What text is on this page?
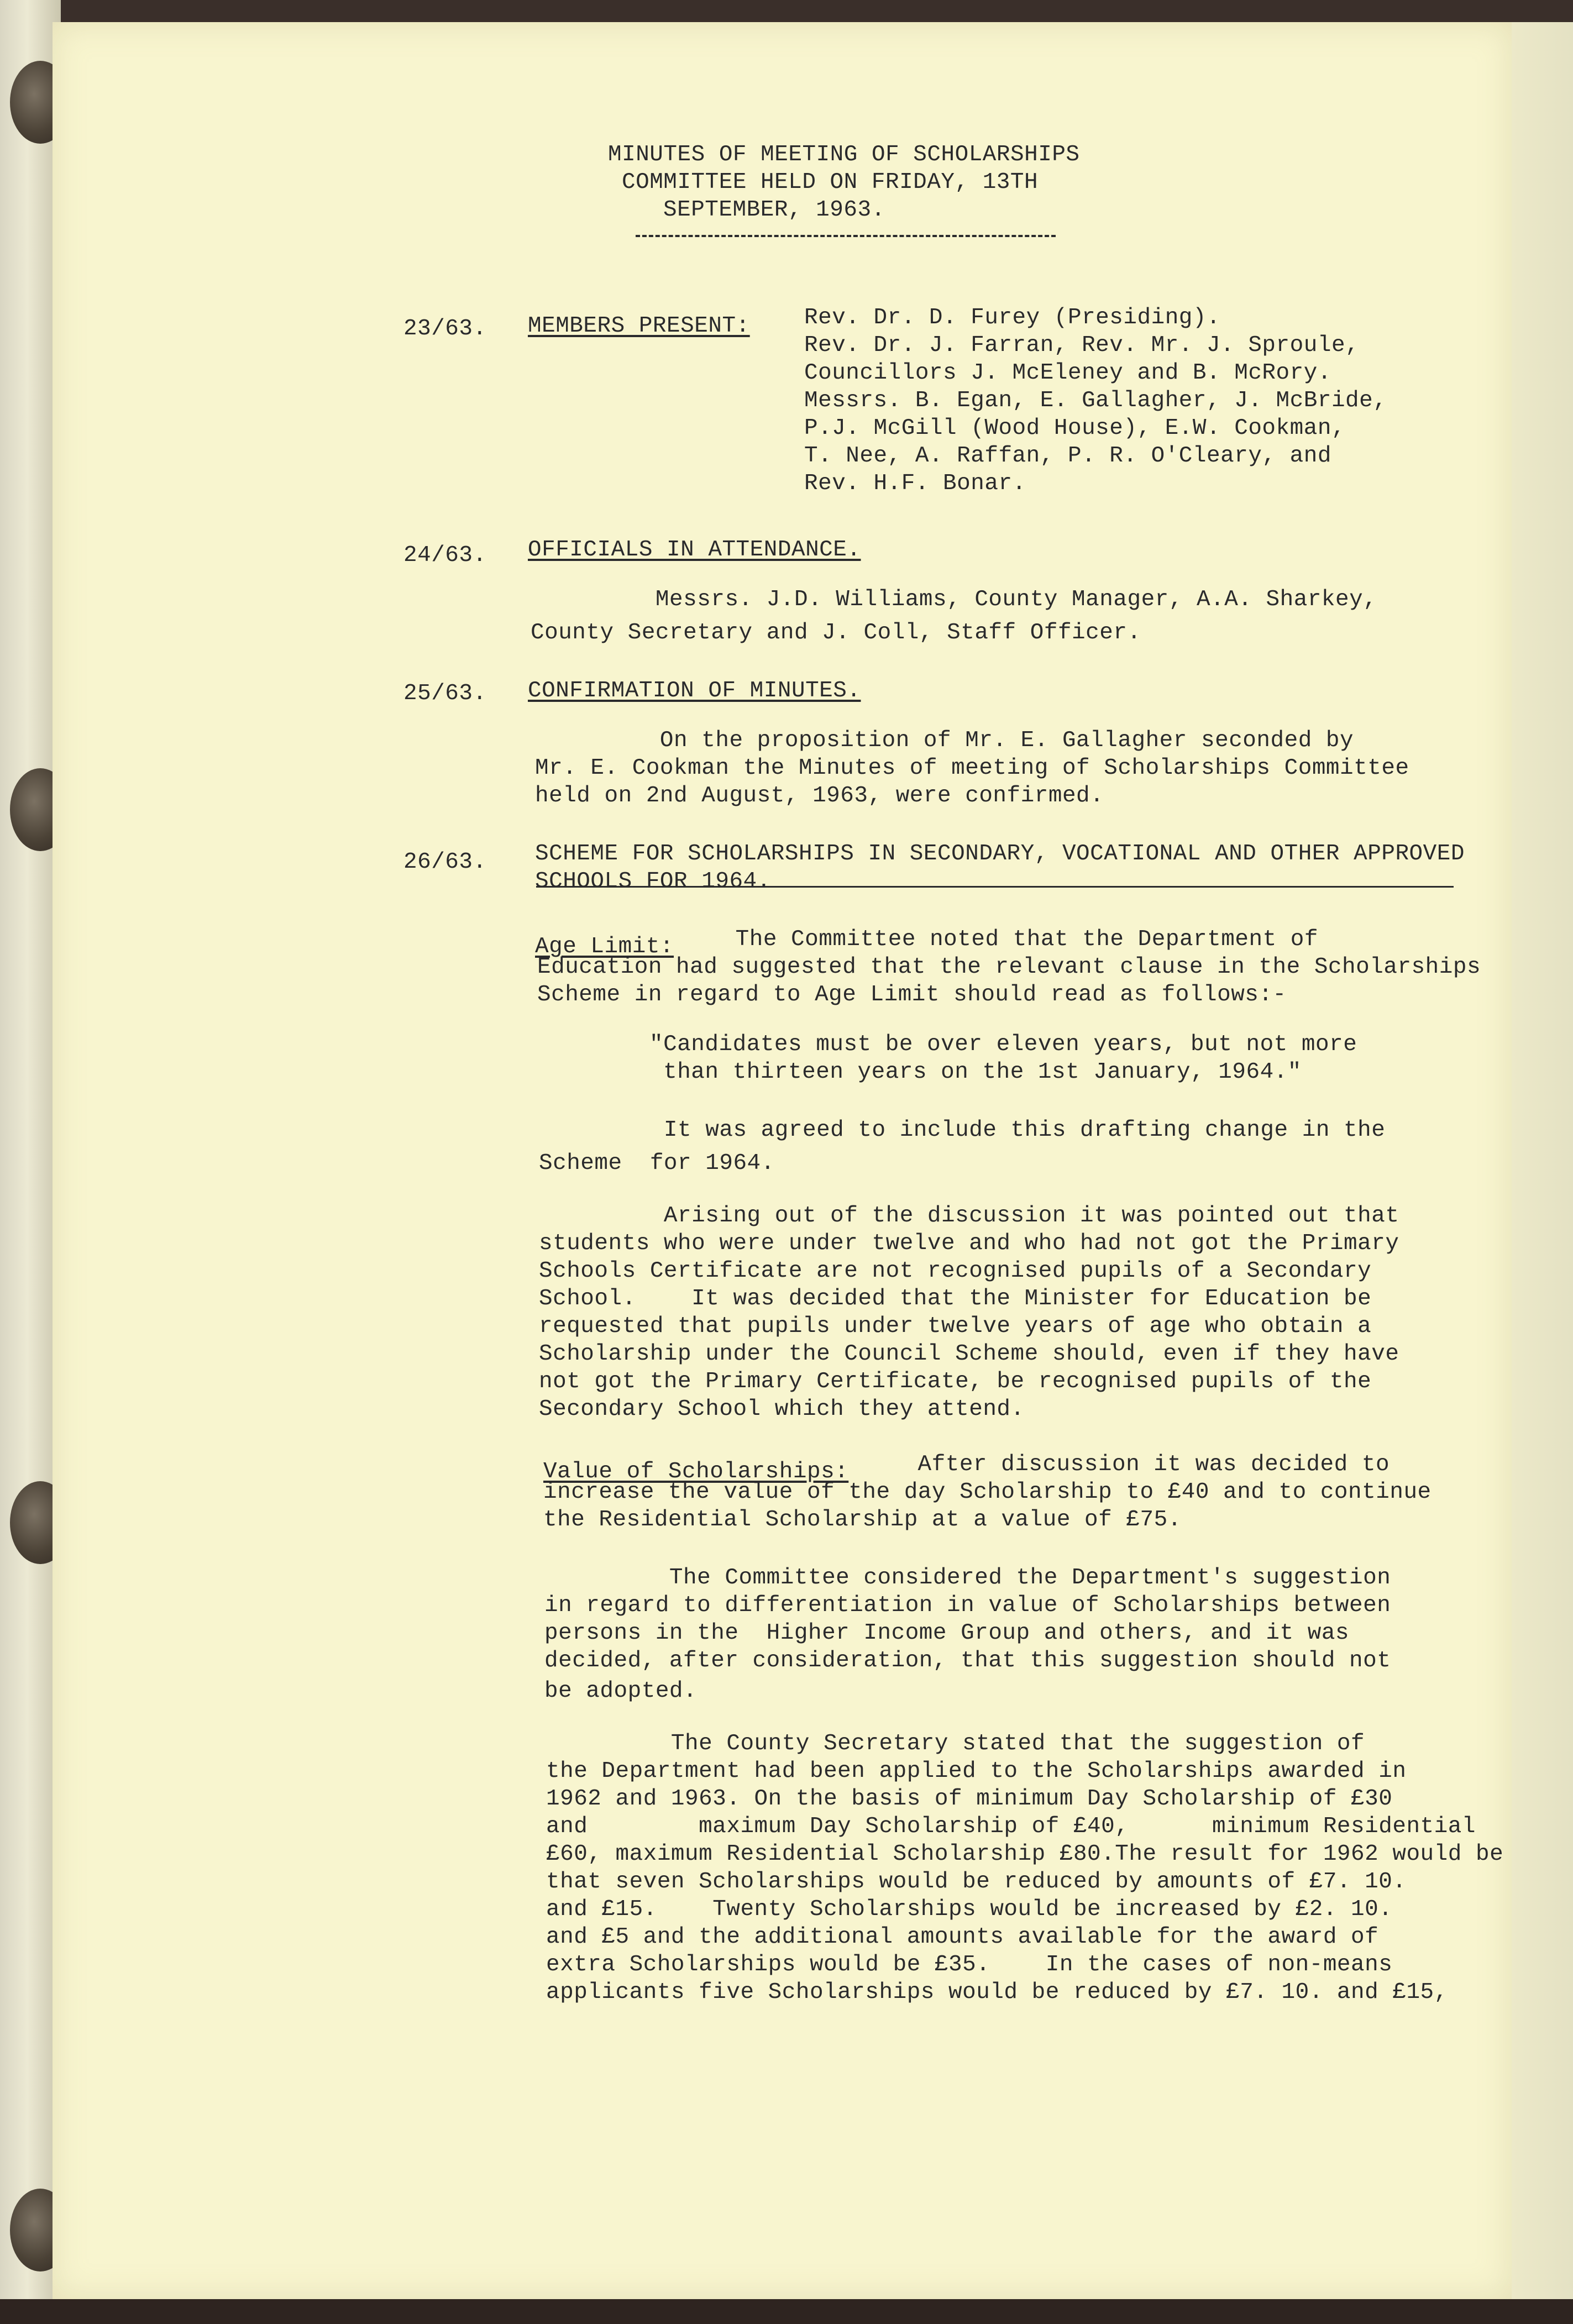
MINUTES OF MEETING OF SCHOLARSHIPS
COMMITTEE HELD ON FRIDAY, 13TH
SEPTEMBER, 1963.
23/63. MEMBERS PRESENT: Rev. Dr. D. Furey (Presiding).
Rev. Dr. J. Farran, Rev. Mr. J. Sproule,
Councillors J. McEleney and B. McRory.
Messrs. B. Egan, E. Gallagher, J. McBride,
P.J. McGill (Wood House), E.W. Cookman,
T. Nee, A. Raffan, P. R. O'Cleary, and
Rev. H.F. Bonar.
24/63. OFFICIALS IN ATTENDANCE.
Messrs. J.D. Williams, County Manager, A.A. Sharkey,
County Secretary and J. Coll, Staff Officer.
25/63. CONFIRMATION OF MINUTES.
On the proposition of Mr. E. Gallagher seconded by
Mr. E. Cookman the Minutes of meeting of Scholarships Committee
held on 2nd August, 1963, were confirmed.
26/63. SCHEME FOR SCHOLARSHIPS IN SECONDARY, VOCATIONAL AND OTHER APPROVED
SCHOOLS FOR 1964.
Age Limit:
The Committee noted that the Department of
Education had suggested that the relevant clause in the Scholarships
Scheme in regard to Age Limit should read as follows:-
"Candidates must be over eleven years, but not more
than thirteen years on the 1st January, 1964."
It was agreed to include this drafting change in the
Scheme  for 1964.
Arising out of the discussion it was pointed out that
students who were under twelve and who had not got the Primary
Schools Certificate are not recognised pupils of a Secondary
School.    It was decided that the Minister for Education be
requested that pupils under twelve years of age who obtain a
Scholarship under the Council Scheme should, even if they have
not got the Primary Certificate, be recognised pupils of the
Secondary School which they attend.
Value of Scholarships: After discussion it was decided to
increase the value of the day Scholarship to £40 and to continue
the Residential Scholarship at a value of £75.
The Committee considered the Department's suggestion
in regard to differentiation in value of Scholarships between
persons in the  Higher Income Group and others, and it was
decided, after consideration, that this suggestion should not
be adopted.
The County Secretary stated that the suggestion of
the Department had been applied to the Scholarships awarded in
1962 and 1963. On the basis of minimum Day Scholarship of £30
and        maximum Day Scholarship of £40,      minimum Residential
£60, maximum Residential Scholarship £80.The result for 1962 would be
that seven Scholarships would be reduced by amounts of £7. 10.
and £15.    Twenty Scholarships would be increased by £2. 10.
and £5 and the additional amounts available for the award of
extra Scholarships would be £35.    In the cases of non-means
applicants five Scholarships would be reduced by £7. 10. and £15,
